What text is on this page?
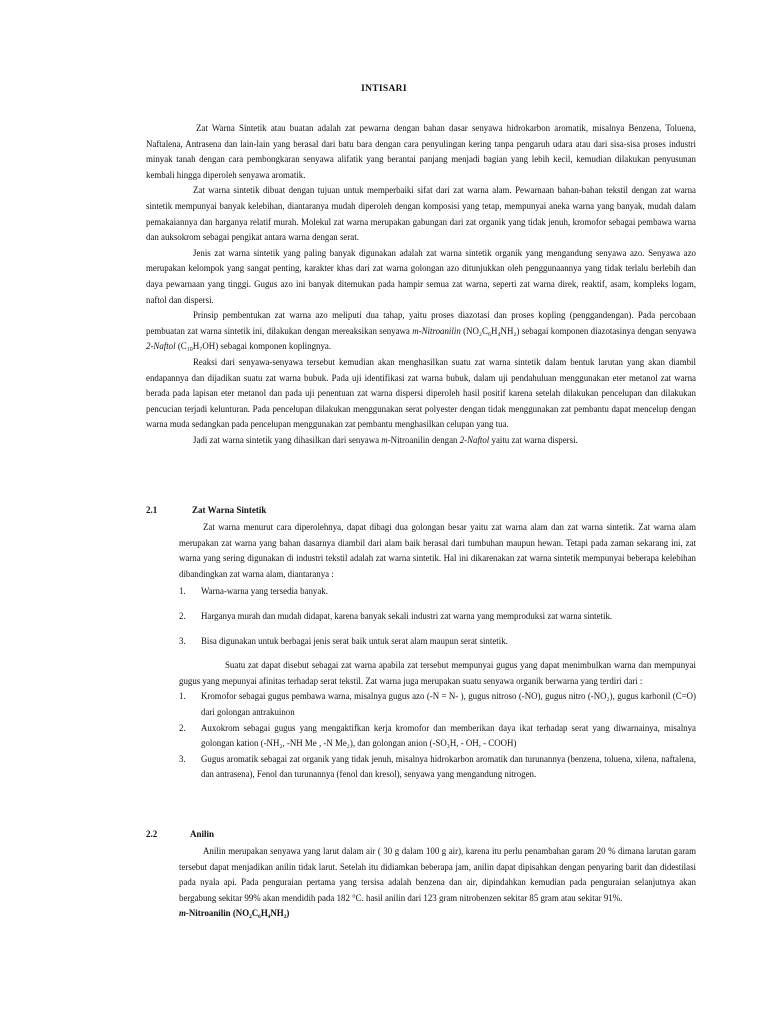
INTISARI

Zat Warna Sintetik atau buatan adalah zat pewarna dengan bahan dasar senyawa hidrokarbon aromatik, misalnya Benzena, Toluena, Naftalena, Antrasena dan lain-lain yang berasal dari batu bara dengan cara penyulingan kering tanpa pengaruh udara atau dari sisa-sisa proses industri minyak tanah dengan cara pembongkaran senyawa alifatik yang berantai panjang menjadi bagian yang lebih kecil, kemudian dilakukan penyusunan kembali hingga diperoleh senyawa aromatik.

Zat warna sintetik dibuat dengan tujuan untuk memperbaiki sifat dari zat warna alam. Pewarnaan bahan-bahan tekstil dengan zat warna sintetik mempunyai banyak kelebihan, diantaranya mudah diperoleh dengan komposisi yang tetap, mempunyai aneka warna yang banyak, mudah dalam pemakaiannya dan harganya relatif murah. Molekul zat warna merupakan gabungan dari zat organik yang tidak jenuh, kromofor sebagai pembawa warna dan auksokrom sebagai pengikat antara warna dengan serat.

Jenis zat warna sintetik yang paling banyak digunakan adalah zat warna sintetik organik yang mengandung senyawa azo. Senyawa azo merupakan kelompok yang sangat penting, karakter khas dari zat warna golongan azo ditunjukkan oleh penggunaannya yang tidak terlalu berlebih dan daya pewarnaan yang tinggi. Gugus azo ini banyak ditemukan pada hampir semua zat warna, seperti zat warna direk, reaktif, asam, kompleks logam, naftol dan dispersi.

Prinsip pembentukan zat warna azo meliputi dua tahap, yaitu proses diazotasi dan proses kopling (penggandengan). Pada percobaan pembuatan zat warna sintetik ini, dilakukan dengan mereaksikan senyawa m-Nitroanilin (NO₂C₆H₄NH₂) sebagai komponen diazotasinya dengan senyawa 2-Naftol (C₁₀H₇OH) sebagai komponen koplingnya.

Reaksi dari senyawa-senyawa tersebut kemudian akan menghasilkan suatu zat warna sintetik dalam bentuk larutan yang akan diambil endapannya dan dijadikan suatu zat warna bubuk. Pada uji identifikasi zat warna bubuk, dalam uji pendahuluan menggunakan eter metanol zat warna berada pada lapisan eter metanol dan pada uji penentuan zat warna dispersi diperoleh hasil positif karena setelah dilakukan pencelupan dan dilakukan pencucian terjadi kelunturan. Pada pencelupan dilakukan menggunakan serat polyester dengan tidak menggunakan zat pembantu dapat mencelup dengan warna muda sedangkan pada pencelupan menggunakan zat pembantu menghasilkan celupan yang tua.

Jadi zat warna sintetik yang dihasilkan dari senyawa m-Nitroanilin dengan 2-Naftol yaitu zat warna dispersi.

2.1	Zat Warna Sintetik

Zat warna menurut cara diperolehnya, dapat dibagi dua golongan besar yaitu zat warna alam dan zat warna sintetik. Zat warna alam merupakan zat warna yang bahan dasarnya diambil dari alam baik berasal dari tumbuhan maupun hewan. Tetapi pada zaman sekarang ini, zat warna yang sering digunakan di industri tekstil adalah zat warna sintetik. Hal ini dikarenakan zat warna sintetik mempunyai beberapa kelebihan dibandingkan zat warna alam, diantaranya :

1. Warna-warna yang tersedia banyak.
2. Harganya murah dan mudah didapat, karena banyak sekali industri zat warna yang memproduksi zat warna sintetik.
3. Bisa digunakan untuk berbagai jenis serat baik untuk serat alam maupun serat sintetik.

Suatu zat dapat disebut sebagai zat warna apabila zat tersebut mempunyai gugus yang dapat menimbulkan warna dan mempunyai gugus yang mepunyai afinitas terhadap serat tekstil. Zat warna juga merupakan suatu senyawa organik berwarna yang terdiri dari :

1. Kromofor sebagai gugus pembawa warna, misalnya gugus azo (-N = N- ), gugus nitroso (-NO), gugus nitro (-NO₂), gugus karbonil (C=O) dari golongan antrakuinon
2. Auxokrom sebagai gugus yang mengaktifkan kerja kromofor dan memberikan daya ikat terhadap serat yang diwarnainya, misalnya golongan kation (-NH₂, -NH Me , -N Me₂), dan golongan anion (-SO₃H, - OH, - COOH)
3. Gugus aromatik sebagai zat organik yang tidak jenuh, misalnya hidrokarbon aromatik dan turunannya (benzena, toluena, xilena, naftalena, dan antrasena), Fenol dan turunannya (fenol dan kresol), senyawa yang mengandung nitrogen.
2.2	Anilin

Anilin merupakan senyawa yang larut dalam air ( 30 g dalam 100 g air), karena itu perlu penambahan garam 20 % dimana larutan garam tersebut dapat menjadikan anilin tidak larut. Setelah itu didiamkan beberapa jam, anilin dapat dipisahkan dengan penyaring barit dan didestilasi pada nyala api. Pada penguraian pertama yang tersisa adalah benzena dan air, dipindahkan kemudian pada penguraian selanjutnya akan bergabung sekitar 99% akan mendidih pada 182 °C. hasil anilin dari 123 gram nitrobenzen sekitar 85 gram atau sekitar 91%.

m-Nitroanilin (NO₂C₆H₄NH₂)
